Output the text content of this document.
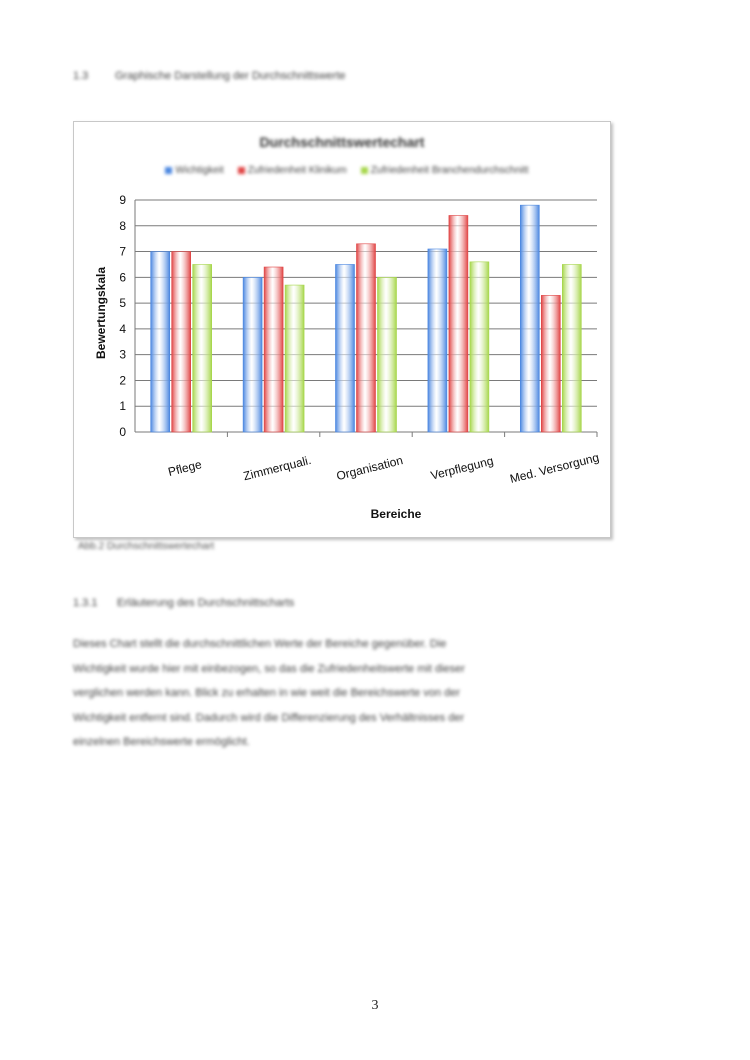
1.3 Graphische Darstellung der Durchschnittswerte
Durchschnittswertechart
Wichtigkeit Zufriedenheit Klinikum Zufriedenheit Branchendurchschnitt
0
1
2
3
4
5
6
7
8
9
Pflege	Zimmerquali. Organisation Verpflegung Med. Versorgung
Bereiche
Bewertungskala
Abb.2 Durchschnittswertechart
1.3.1 Erläuterung des Durchschnittscharts
Dieses Chart stellt die durchschnittlichen Werte der Bereiche gegenüber. Die
Wichtigkeit wurde hier mit einbezogen, so das die Zufriedenheitswerte mit dieser
verglichen werden kann. Blick zu erhalten in wie weit die Bereichswerte von der
Wichtigkeit entfernt sind. Dadurch wird die Differenzierung des Verhältnisses der
einzelnen Bereichswerte ermöglicht.
3
